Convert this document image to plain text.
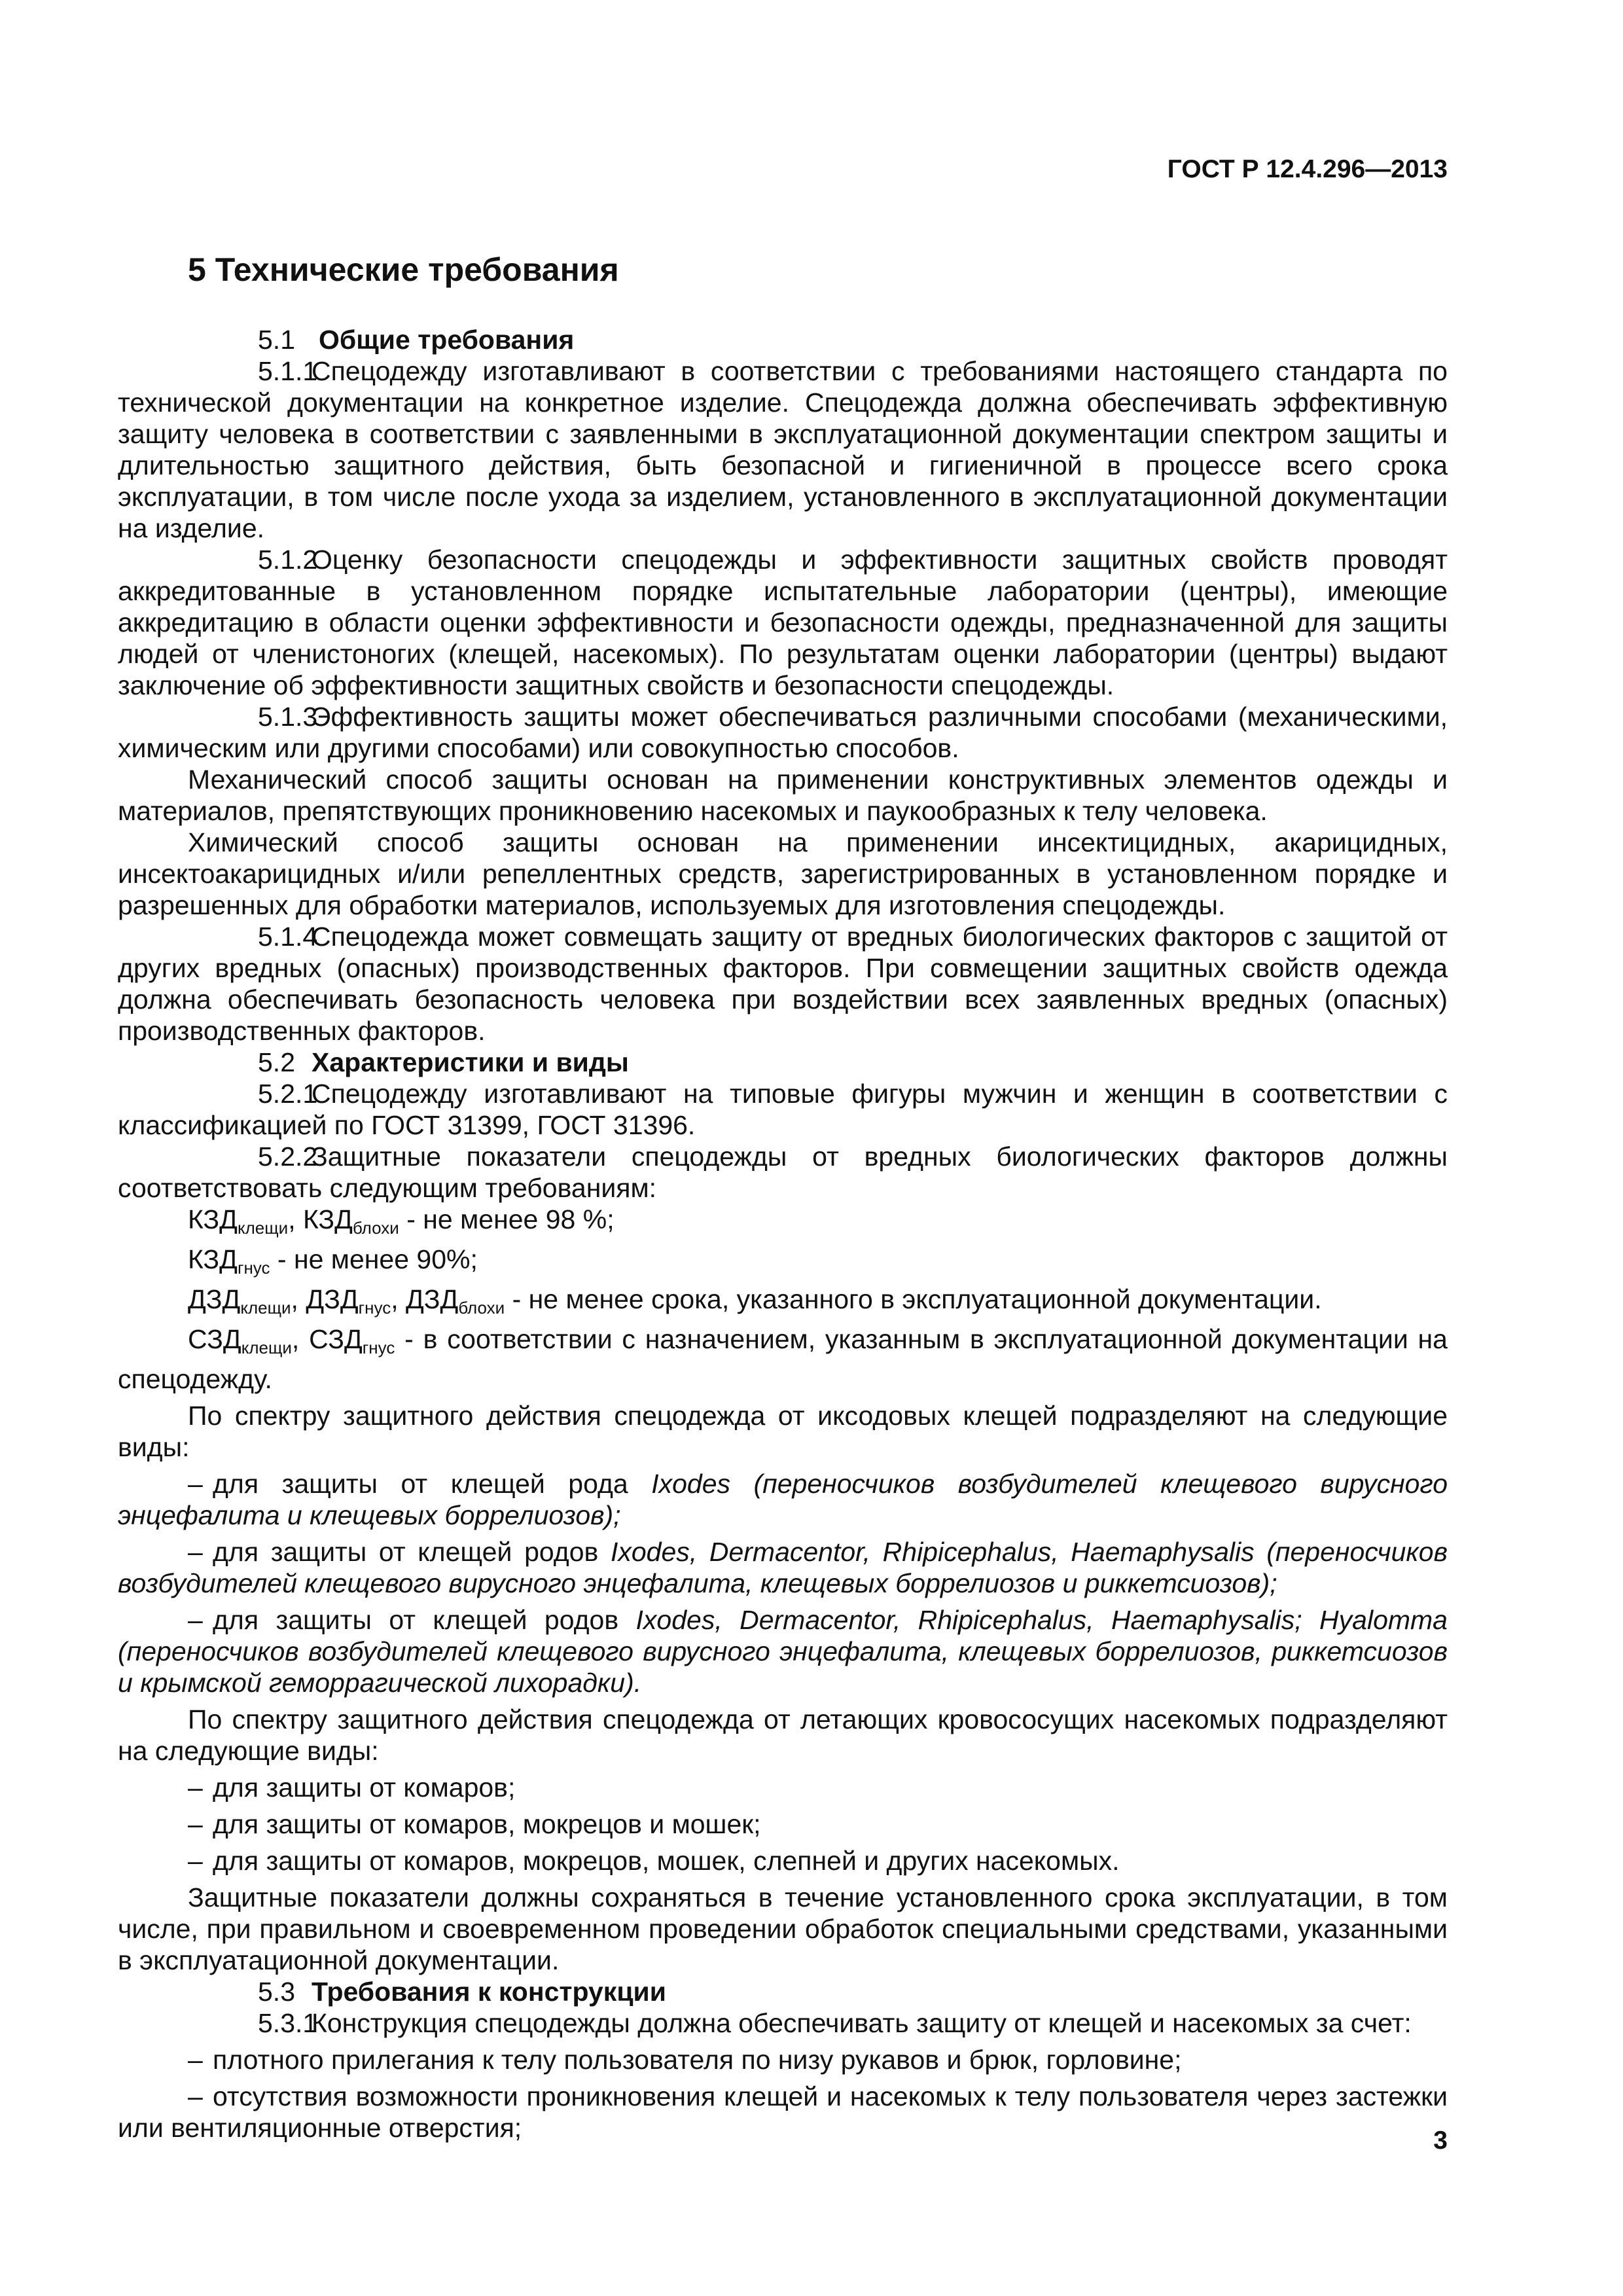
ГОСТ Р 12.4.296—2013
5 Технические требования

5.1 Общие требования

5.1.1Спецодежду изготавливают в соответствии с требованиями настоящего стандарта по технической документации на конкретное изделие. Спецодежда должна обеспечивать эффективную защиту человека в соответствии с заявленными в эксплуатационной документации спектром защиты и длительностью защитного действия, быть безопасной и гигиеничной в процессе всего срока эксплуатации, в том числе после ухода за изделием, установленного в эксплуатационной документации на изделие.

5.1.2Оценку безопасности спецодежды и эффективности защитных свойств проводят аккредитованные в установленном порядке испытательные лаборатории (центры), имеющие аккредитацию в области оценки эффективности и безопасности одежды, предназначенной для защиты людей от членистоногих (клещей, насекомых). По результатам оценки лаборатории (центры) выдают заключение об эффективности защитных свойств и безопасности спецодежды.

5.1.3Эффективность защиты может обеспечиваться различными способами (механическими, химическим или другими способами) или совокупностью способов.

Механический способ защиты основан на применении конструктивных элементов одежды и материалов, препятствующих проникновению насекомых и паукообразных к телу человека.

Химический способ защиты основан на применении инсектицидных, акарицидных, инсектоакарицидных и/или репеллентных средств, зарегистрированных в установленном порядке и разрешенных для обработки материалов, используемых для изготовления спецодежды.

5.1.4Спецодежда может совмещать защиту от вредных биологических факторов с защитой от других вредных (опасных) производственных факторов. При совмещении защитных свойств одежда должна обеспечивать безопасность человека при воздействии всех заявленных вредных (опасных) производственных факторов.

5.2 Характеристики и виды

5.2.1Спецодежду изготавливают на типовые фигуры мужчин и женщин в соответствии с классификацией по ГОСТ 31399, ГОСТ 31396.

5.2.2Защитные показатели спецодежды от вредных биологических факторов должны соответствовать следующим требованиям:

$КЗД_{клещи}$, $КЗД_{блохи}$ - не менее 98 %;

$КЗД_{гнус}$ - не менее 90%;

$ДЗД_{клещи}$, $ДЗД_{гнус}$, $ДЗД_{блохи}$ - не менее срока, указанного в эксплуатационной документации.

$СЗД_{клещи}$, $СЗД_{гнус}$ - в соответствии с назначением, указанным в эксплуатационной документации на спецодежду.

По спектру защитного действия спецодежда от иксодовых клещей подразделяют на следующие виды:

– для защиты от клещей рода Ixodes (переносчиков возбудителей клещевого вирусного энцефалита и клещевых боррелиозов);

– для защиты от клещей родов Ixodes, Dermacentor, Rhipicephalus, Haemaphysalis (переносчиков возбудителей клещевого вирусного энцефалита, клещевых боррелиозов и риккетсиозов);

– для защиты от клещей родов Ixodes, Dermacentor, Rhipicephalus, Haemaphysalis; Hyalomma (переносчиков возбудителей клещевого вирусного энцефалита, клещевых боррелиозов, риккетсиозов и крымской геморрагической лихорадки).

По спектру защитного действия спецодежда от летающих кровососущих насекомых подразделяют на следующие виды:

– для защиты от комаров;

– для защиты от комаров, мокрецов и мошек;

– для защиты от комаров, мокрецов, мошек, слепней и других насекомых.

Защитные показатели должны сохраняться в течение установленного срока эксплуатации, в том числе, при правильном и своевременном проведении обработок специальными средствами, указанными в эксплуатационной документации.

5.3 Требования к конструкции

5.3.1Конструкция спецодежды должна обеспечивать защиту от клещей и насекомых за счет:

– плотного прилегания к телу пользователя по низу рукавов и брюк, горловине;

– отсутствия возможности проникновения клещей и насекомых к телу пользователя через застежки или вентиляционные отверстия;	3
